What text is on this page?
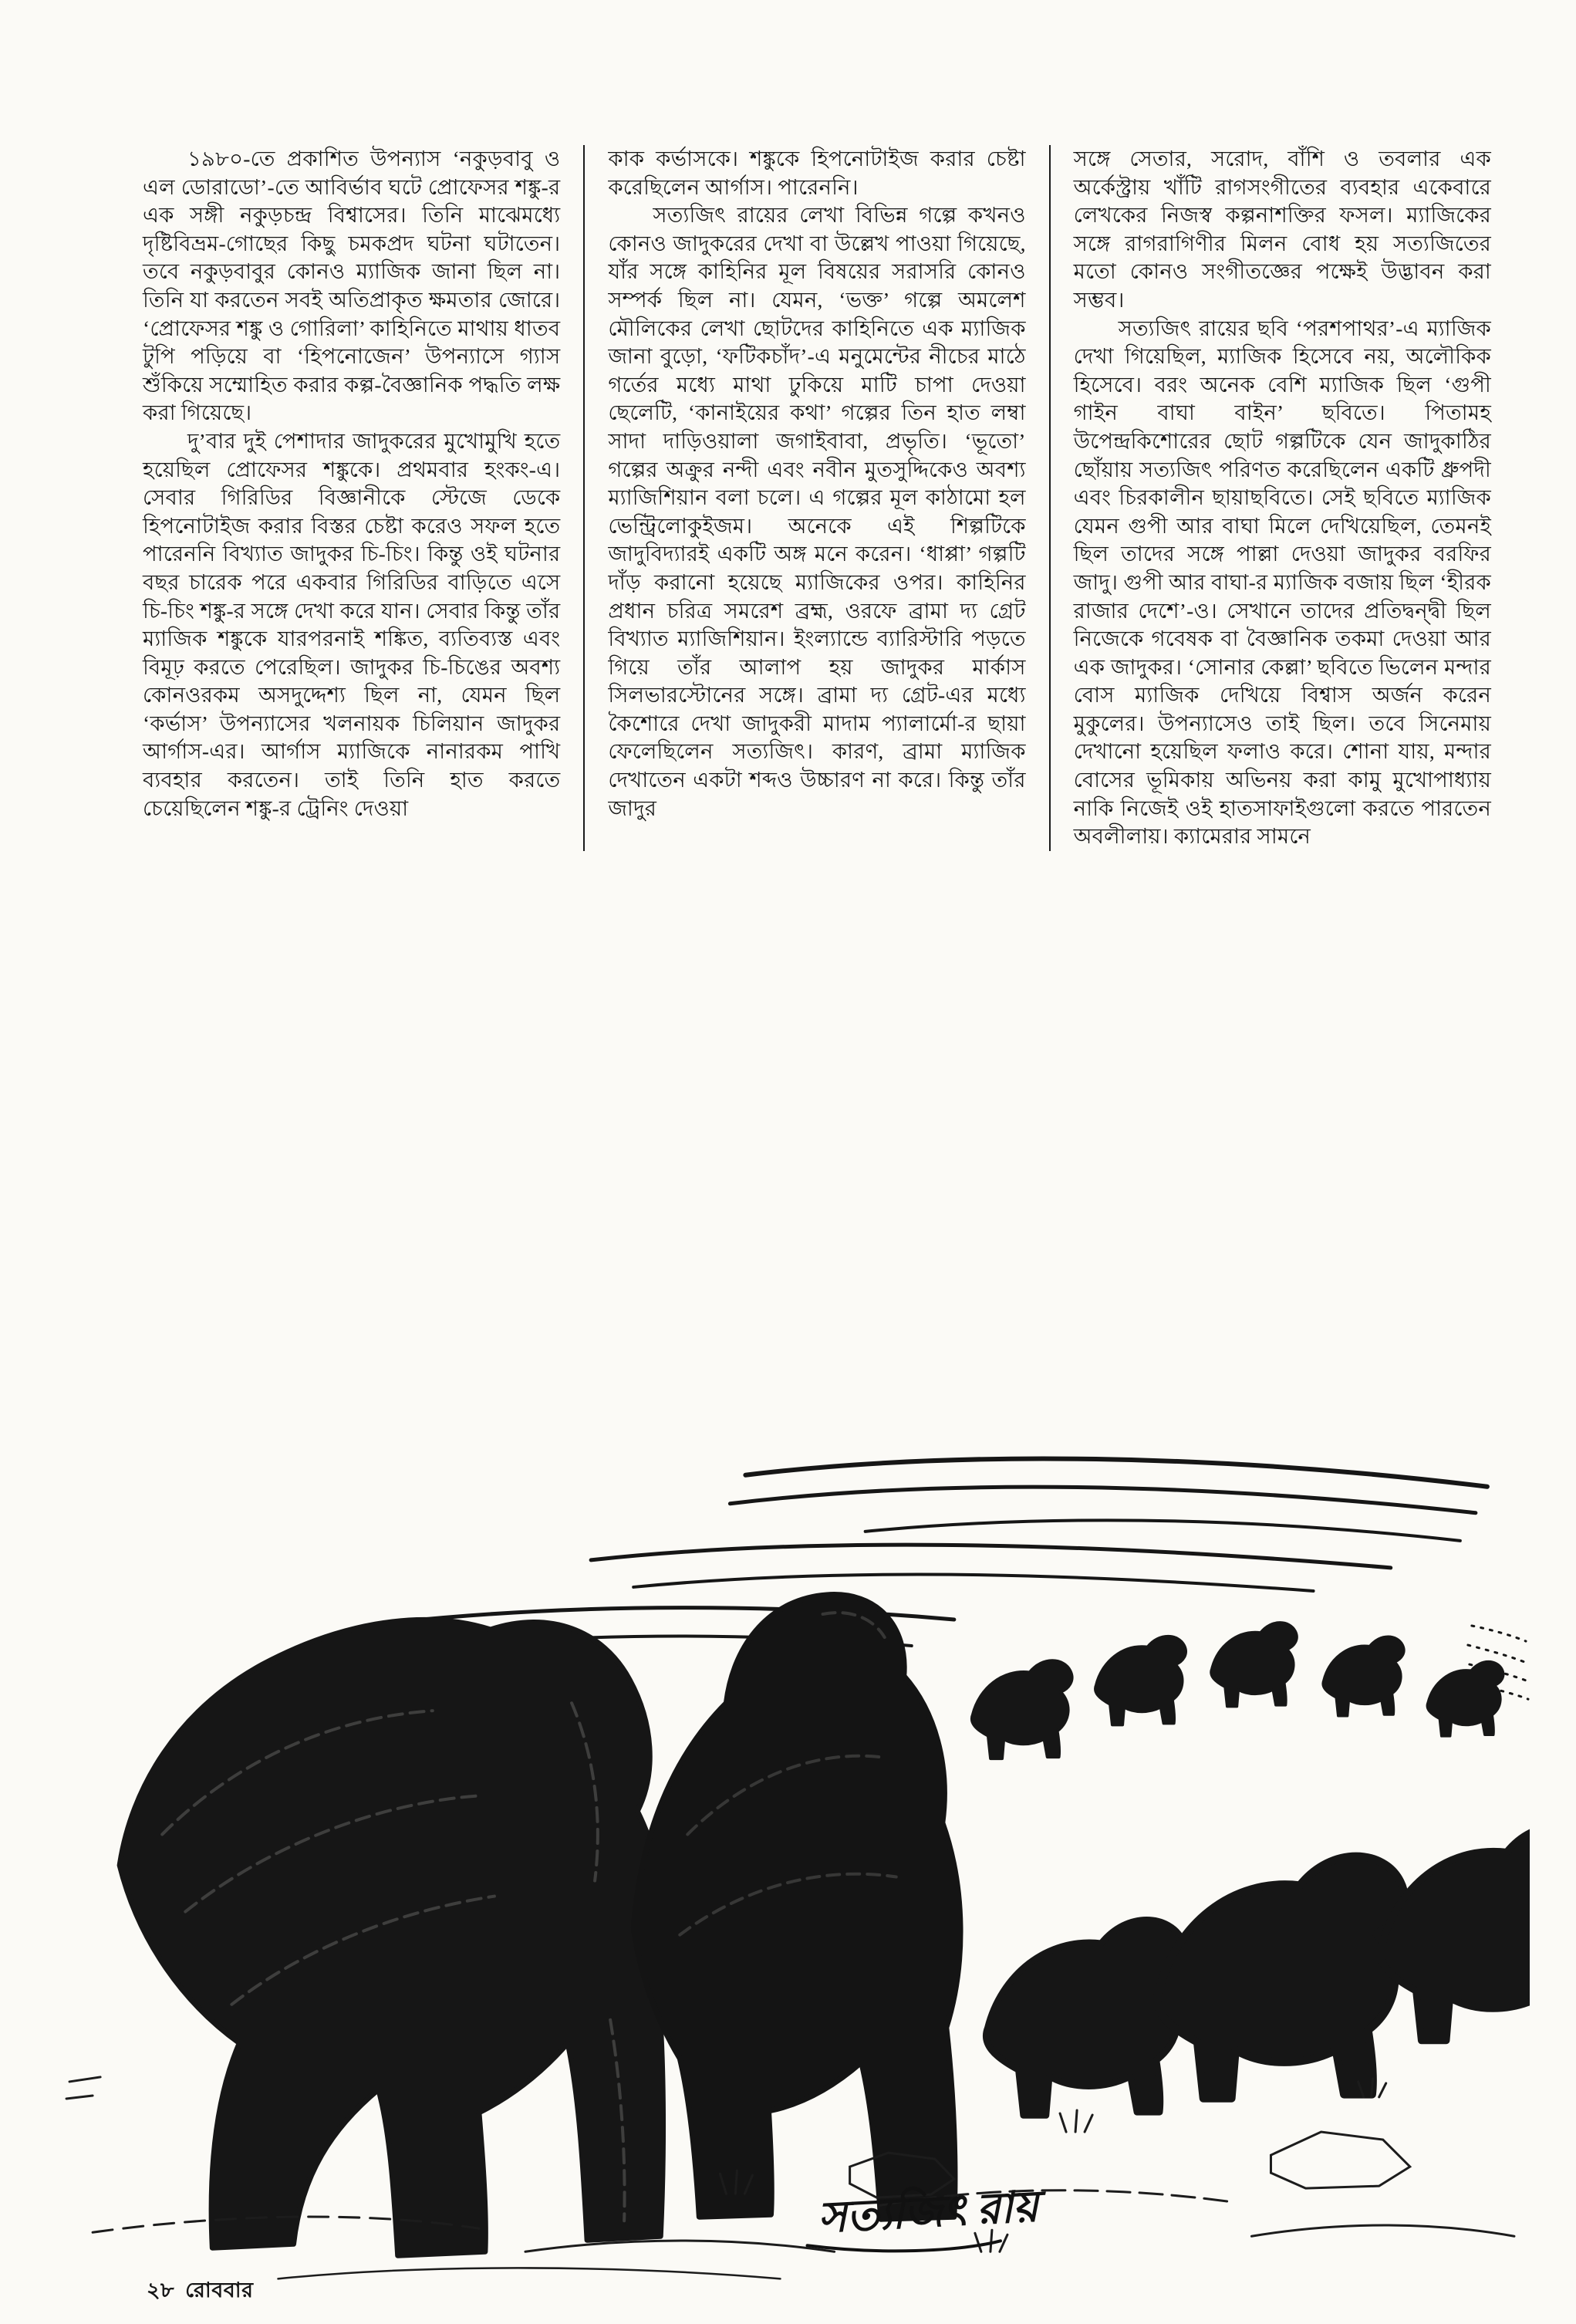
১৯৮০-তে প্রকাশিত উপন্যাস ‘নকুড়বাবু ও এল ডোরাডো’-তে আবির্ভাব ঘটে প্রোফেসর শঙ্কু-র এক সঙ্গী নকুড়চন্দ্র বিশ্বাসের। তিনি মাঝেমধ্যে দৃষ্টিবিভ্রম-গোছের কিছু চমকপ্রদ ঘটনা ঘটাতেন। তবে নকুড়বাবুর কোনও ম্যাজিক জানা ছিল না। তিনি যা করতেন সবই অতিপ্রাকৃত ক্ষমতার জোরে। ‘প্রোফেসর শঙ্কু ও গোরিলা’ কাহিনিতে মাথায় ধাতব টুপি পড়িয়ে বা ‘হিপনোজেন’ উপন্যাসে গ্যাস শুঁকিয়ে সম্মোহিত করার কল্প-বৈজ্ঞানিক পদ্ধতি লক্ষ করা গিয়েছে।

দু’বার দুই পেশাদার জাদুকরের মুখোমুখি হতে হয়েছিল প্রোফেসর শঙ্কুকে। প্রথমবার হংকং-এ। সেবার গিরিডির বিজ্ঞানীকে স্টেজে ডেকে হিপনোটাইজ করার বিস্তর চেষ্টা করেও সফল হতে পারেননি বিখ্যাত জাদুকর চি-চিং। কিন্তু ওই ঘটনার বছর চারেক পরে একবার গিরিডির বাড়িতে এসে চি-চিং শঙ্কু-র সঙ্গে দেখা করে যান। সেবার কিন্তু তাঁর ম্যাজিক শঙ্কুকে যারপরনাই শঙ্কিত, ব্যতিব্যস্ত এবং বিমূঢ় করতে পেরেছিল। জাদুকর চি-চিঙের অবশ্য কোনওরকম অসদুদ্দেশ্য ছিল না, যেমন ছিল ‘কর্ভাস’ উপন্যাসের খলনায়ক চিলিয়ান জাদুকর আর্গাস-এর। আর্গাস ম্যাজিকে নানারকম পাখি ব্যবহার করতেন। তাই তিনি হাত করতে চেয়েছিলেন শঙ্কু-র ট্রেনিং দেওয়া

কাক কর্ভাসকে। শঙ্কুকে হিপনোটাইজ করার চেষ্টা করেছিলেন আর্গাস। পারেননি।

সত্যজিৎ রায়ের লেখা বিভিন্ন গল্পে কখনও কোনও জাদুকরের দেখা বা উল্লেখ পাওয়া গিয়েছে, যাঁর সঙ্গে কাহিনির মূল বিষয়ের সরাসরি কোনও সম্পর্ক ছিল না। যেমন, ‘ভক্ত’ গল্পে অমলেশ মৌলিকের লেখা ছোটদের কাহিনিতে এক ম্যাজিক জানা বুড়ো, ‘ফটিকচাঁদ’-এ মনুমেন্টের নীচের মাঠে গর্তের মধ্যে মাথা ঢুকিয়ে মাটি চাপা দেওয়া ছেলেটি, ‘কানাইয়ের কথা’ গল্পের তিন হাত লম্বা সাদা দাড়িওয়ালা জগাইবাবা, প্রভৃতি। ‘ভূতো’ গল্পের অক্রুর নন্দী এবং নবীন মুতসুদ্দিকেও অবশ্য ম্যাজিশিয়ান বলা চলে। এ গল্পের মূল কাঠামো হল ভেন্ট্রিলোকুইজম। অনেকে এই শিল্পটিকে জাদুবিদ্যারই একটি অঙ্গ মনে করেন। ‘ধাপ্পা’ গল্পটি দাঁড় করানো হয়েছে ম্যাজিকের ওপর। কাহিনির প্রধান চরিত্র সমরেশ ব্রহ্ম, ওরফে ব্রামা দ্য গ্রেট বিখ্যাত ম্যাজিশিয়ান। ইংল্যান্ডে ব্যারিস্টারি পড়তে গিয়ে তাঁর আলাপ হয় জাদুকর মার্কাস সিলভারস্টোনের সঙ্গে। ব্রামা দ্য গ্রেট-এর মধ্যে কৈশোরে দেখা জাদুকরী মাদাম প্যালার্মো-র ছায়া ফেলেছিলেন সত্যজিৎ। কারণ, ব্রামা ম্যাজিক দেখাতেন একটা শব্দও উচ্চারণ না করে। কিন্তু তাঁর জাদুর

সঙ্গে সেতার, সরোদ, বাঁশি ও তবলার এক অর্কেস্ট্রায় খাঁটি রাগসংগীতের ব্যবহার একেবারে লেখকের নিজস্ব কল্পনাশক্তির ফসল। ম্যাজিকের সঙ্গে রাগরাগিণীর মিলন বোধ হয় সত্যজিতের মতো কোনও সংগীতজ্ঞের পক্ষেই উদ্ভাবন করা সম্ভব।

সত্যজিৎ রায়ের ছবি ‘পরশপাথর’-এ ম্যাজিক দেখা গিয়েছিল, ম্যাজিক হিসেবে নয়, অলৌকিক হিসেবে। বরং অনেক বেশি ম্যাজিক ছিল ‘গুপী গাইন বাঘা বাইন’ ছবিতে। পিতামহ উপেন্দ্রকিশোরের ছোট গল্পটিকে যেন জাদুকাঠির ছোঁয়ায় সত্যজিৎ পরিণত করেছিলেন একটি ধ্রুপদী এবং চিরকালীন ছায়াছবিতে। সেই ছবিতে ম্যাজিক যেমন গুপী আর বাঘা মিলে দেখিয়েছিল, তেমনই ছিল তাদের সঙ্গে পাল্লা দেওয়া জাদুকর বরফির জাদু। গুপী আর বাঘা-র ম্যাজিক বজায় ছিল ‘হীরক রাজার দেশে’-ও। সেখানে তাদের প্রতিদ্বন্দ্বী ছিল নিজেকে গবেষক বা বৈজ্ঞানিক তকমা দেওয়া আর এক জাদুকর। ‘সোনার কেল্লা’ ছবিতে ভিলেন মন্দার বোস ম্যাজিক দেখিয়ে বিশ্বাস অর্জন করেন মুকুলের। উপন্যাসেও তাই ছিল। তবে সিনেমায় দেখানো হয়েছিল ফলাও করে। শোনা যায়, মন্দার বোসের ভূমিকায় অভিনয় করা কামু মুখোপাধ্যায় নাকি নিজেই ওই হাতসাফাইগুলো করতে পারতেন অবলীলায়। ক্যামেরার সামনে

সত্যজিৎ রায়
২৮ রোববার
